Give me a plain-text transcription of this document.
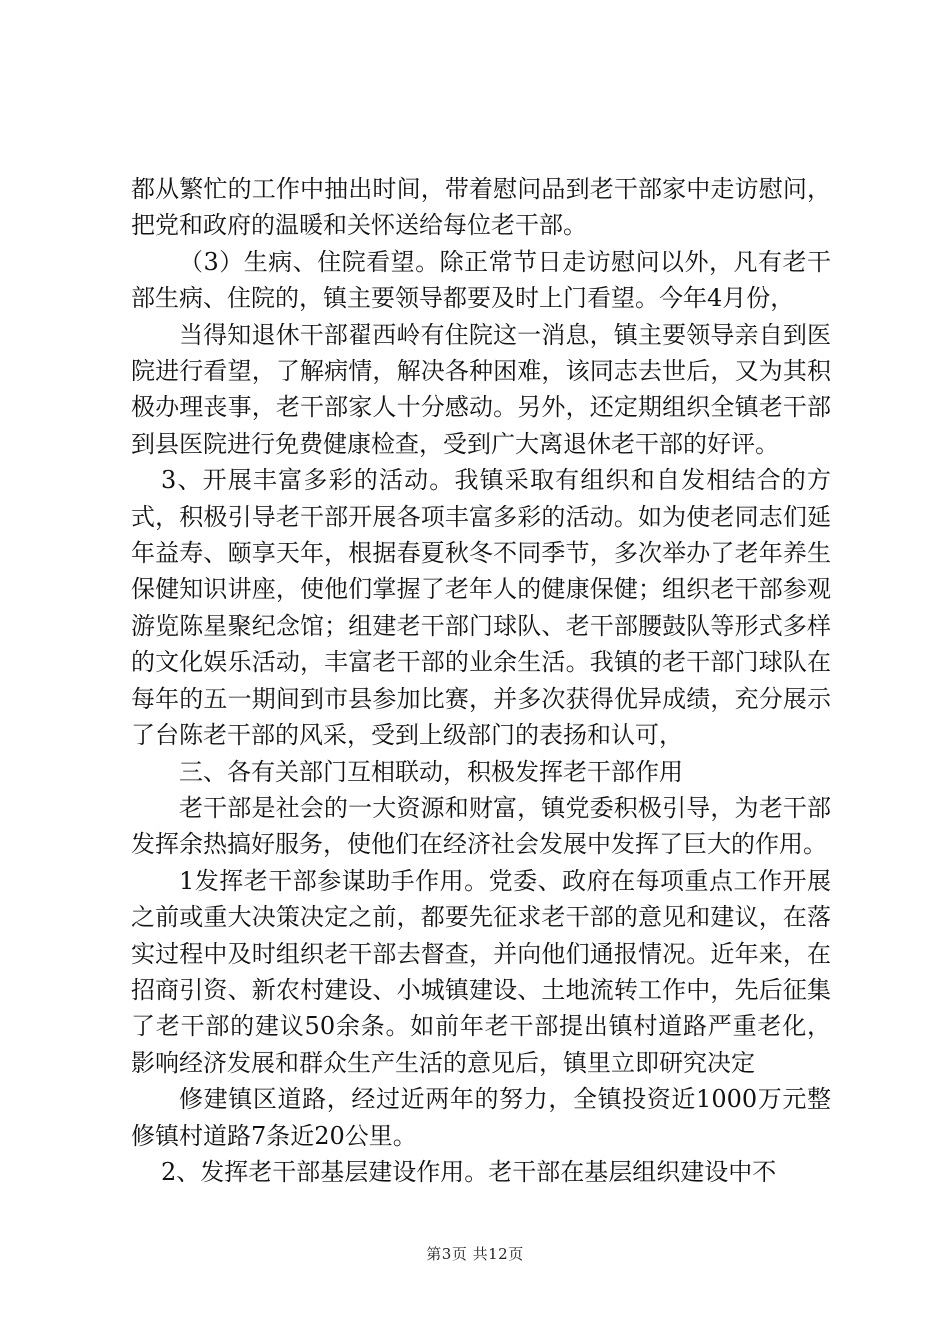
都从繁忙的工作中抽出时间，带着慰问品到老干部家中走访慰问，把党和政府的温暖和关怀送给每位老干部。

（3）生病、住院看望。除正常节日走访慰问以外，凡有老干部生病、住院的，镇主要领导都要及时上门看望。今年4月份，

当得知退休干部翟西岭有住院这一消息，镇主要领导亲自到医院进行看望，了解病情，解决各种困难，该同志去世后，又为其积极办理丧事，老干部家人十分感动。另外，还定期组织全镇老干部到县医院进行免费健康检查，受到广大离退休老干部的好评。

3、开展丰富多彩的活动。我镇采取有组织和自发相结合的方式，积极引导老干部开展各项丰富多彩的活动。如为使老同志们延年益寿、颐享天年，根据春夏秋冬不同季节，多次举办了老年养生保健知识讲座，使他们掌握了老年人的健康保健；组织老干部参观游览陈星聚纪念馆；组建老干部门球队、老干部腰鼓队等形式多样的文化娱乐活动，丰富老干部的业余生活。我镇的老干部门球队在每年的五一期间到市县参加比赛，并多次获得优异成绩，充分展示了台陈老干部的风采，受到上级部门的表扬和认可，

三、各有关部门互相联动，积极发挥老干部作用

老干部是社会的一大资源和财富，镇党委积极引导，为老干部发挥余热搞好服务，使他们在经济社会发展中发挥了巨大的作用。

1发挥老干部参谋助手作用。党委、政府在每项重点工作开展之前或重大决策决定之前，都要先征求老干部的意见和建议，在落实过程中及时组织老干部去督查，并向他们通报情况。近年来，在招商引资、新农村建设、小城镇建设、土地流转工作中，先后征集了老干部的建议50余条。如前年老干部提出镇村道路严重老化，影响经济发展和群众生产生活的意见后，镇里立即研究决定

修建镇区道路，经过近两年的努力，全镇投资近1000万元整修镇村道路7条近20公里。

2、发挥老干部基层建设作用。老干部在基层组织建设中不

第3页 共12页
